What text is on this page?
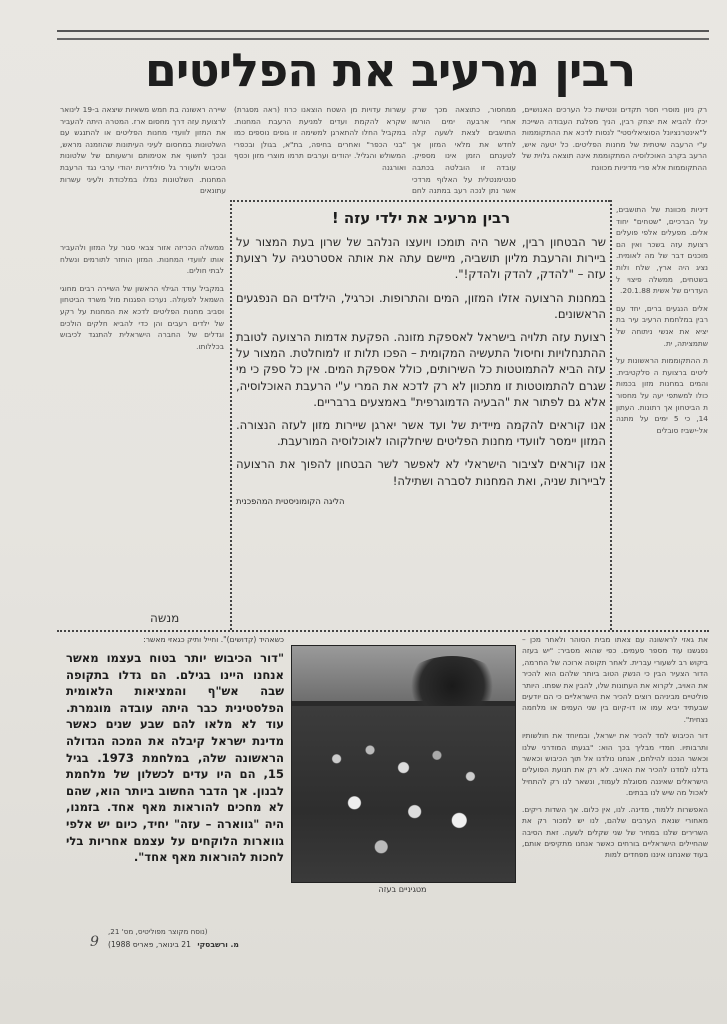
רבין מרעיב את הפליטים

רק ניוון מוסרי חסר תקדים ונטישת כל הערכים האנושיים, יכלו להביא את יצחק רבין, הניך מפלגת העבודה השייכת ל"אינטרנציונל הסוציאליסטי" לנסות לדכא את ההתקוממות ע"י הרעבה שיטתית של מחנות הפליטים. כל יטעה איש, הרעב בקרב האוכלוסיה המתקוממת אינה תוצאה גלוית של ההתקוממות אלא פרי מדיניות מכוונת

ממחסור, כתוצאה מכך שרק אחרי ארבעה ימים הורשו התושבים לצאת לשעה קלה לחדש את מלאי המזון אך לטענתם הזמן אינו מספיק. עובדה זו הובלטה בכתבה סנטימנטלית על האלוף מרדכי אשר נתן לנכה רעב במתנה לחם

עשרות עדויות מן השטח הוצאנו כרוז (ראה מסגרת) שקרא להקמת ועדים למניעת הרעבת המחנות. במקביל החלו להתארגן למשימה זו גופים נוספים כמו "בני הכפר" ואחרים בחיפה, בת"א, בגולן ובכפרי המשולש והגליל. יהודים וערבים תרמו מוצרי מזון וכסף ואורגנה

שיירה ראשונה בת חמש משאיות שיצאה ב-19 לינואר לרצועת עזה דרך מחסום ארז. המטרה היתה להעביר את המזון לוועדי מחנות הפליטים או להתנגש עם השלטונות במחסום לעיני העיתונות שהוזמנה מראש, ובכך לחשוף את אטימותם ורשעותם של שלטונות הכיבוש ולעורר גל סולידריות יהודי ערבי נגד הרעבת המחנות. השלטונות נמלו במלכודת ולעיני עשרות עתונאים

דיניות מכוונת של התושבים, על הברכיים, "שטחים" יחוד אלים. מפעלים אלפי פועלים רצועת עזה בשכר ואין הם מוכנים דבר של מה לאומית. נציג היה ארץ, שלח ולות בשטחים, ממשלה פיצוי ל העדרים של אשית 20.1.88.

אלים הנגעים ברים, יחד עם רבין במלחמת הרעיב עיר בת יציא את אנשי ניתוחה של שתמציתה, ית.

ת ההתקוממות הראשונות על ליטים ברצועת ה סלקטיבית. והמים במחנות מזון בכמות כולו למשתפי יעה על מחסור ת הביטחון אך רתונות. העתון 14, כי 5 ימים על מתנה אל-ישביז סובלים

ממשלה הכריזה אזור צבאי סגור על המזון ולהעביר אותו לוועדי המחנות. המזון הוחזר לתורמים ונשלח לבתי חולים.

במקביל עודד הגילוי הראשון של השיירה רבים מחוגי השמאל לפעולה. נערכו הפגנות מול משרד הביטחון וסביב מחנות הפליטים לדכא את המחנות על רקע של ילדים רעבים והן כדי להביא חלקים הולכים וגדלים של החברה הישראלית להתנגד לכיבוש בכללותו.

מנשה
רבין מרעיב את ילדי עזה !

שר הבטחון רבין, אשר היה תומכו ויועצו הנלהב של שרון בעת המצור על ביירות והרעבת מליון תושביה, מיישם עתה את אותה אסטרטגיה על רצועת עזה – "להדק, להדק ולהדק!".

במחנות הרצועה אזלו המזון, המים והתרופות. וכרגיל, הילדים הם הנפגעים הראשונים.

רצועת עזה תלויה בישראל לאספקת מזונה. הפקעת אדמות הרצועה לטובת ההתנחלויות וחיסול התעשיה המקומית – הפכו תלות זו למוחלטת. המצור על עזה הביא להתמוטטות כל השירותים, כולל אספקת המים. אין כל ספק כי מי שגרם להתמוטטות זו מתכוון לא רק לדכא את המרי ע"י הרעבת האוכלוסיה, אלא גם לפתור את "הבעיה הדמוגרפית" באמצעים ברבריים.

אנו קוראים להקמה מיידית של ועד אשר יארגן שיירות מזון לעזה הנצורה. המזון יימסר לוועדי מחנות הפליטים שיחלקוהו לאוכלוסיה המורעבת.

אנו קוראים לציבור הישראלי לא לאפשר לשר הבטחון להפוך את הרצועה לביירות שניה, ואת המחנות לסברה ושתילה!

הליגה הקומוניסטית המהפכנית

כשאהיד (קדושים)". וחייל ותיק כגאזי מאשר:
"דור הכיבוש יותר בטוח בעצמו מאשר אנחנו היינו בגילם. הם גדלו בתקופה שבה אש"ף והמציאות הלאומית הפלסטינית כבר היתה עובדה מוגמרת. עוד לא מלאו להם שבע שנים כאשר מדינת ישראל קיבלה את המכה הגדולה הראשונה שלה, במלחמת 1973. בגיל 15, הם היו עדים לכשלון של מלחמת לבנון. אך הדבר החשוב ביותר הוא, שהם לא מחכים להוראות מאף אחד. בזמנו, היה "גווארה – עזה" יחיד, כיום יש אלפי גווארות הלוקחים על עצמם אחריות בלי לחכות להוראות מאף אחד".
(נוסח מקוצר מפוליטיס, מס' 21,
מ. ורשבסקי 21 בינואר, פאריס 1988)
9
מטגיניים בעזה

את גאזי לראשונה עם צאתו מבית הסוהר ולאחר מכן – נפגשנו עוד מספר פעמים. כפי שהוא מסביר: "יש בעזה ביקוש רב לשעורי עברית. לאחר תקופה ארוכה של החרמה, הדור הצעיר הבין כי הנשק הטוב ביותר שלהם הוא להכיר את האויב, לקרוא את העתונות שלו, להבין את שפתו. היותר פוליטיים מביניהם רוצים להכיר את הישראליים כי הם יודעים שבעתיד יביא עמו או דו-קיום בין שני העמים או מלחמה נצחית".

דור הכיבוש למד להכיר את ישראל, ובמיוחד את חולשותיו ותרבותיו. חמדי מבליך בכך הוא: "בגעתו המודרני שלנו וכאשר הנכנו להילחם, אנחנו נולדנו אל תוך הכיבוש וכאשר גדלנו למדנו להכיר את האויב. לא רק את תנועת הפועלים הישראלים שאיננה מסוגלת לעמוד, ונשאר לנו רק להתחיל לאכול מה שיש לנו בבתים.

האפשרות ללמוד, מדינה. לנו, אין כלום. אך השדות ריקים. מאחורי שנאת הערבים שלהם, לנו יש למכור רק את השרירים שלנו במחיר של שני שקלים לשעה. זאת הסיבה שהחיילים הישראליים בורחים כאשר אנחנו מתקיפים אותם, בעוד שאנחנו איננו מפחדים למות
